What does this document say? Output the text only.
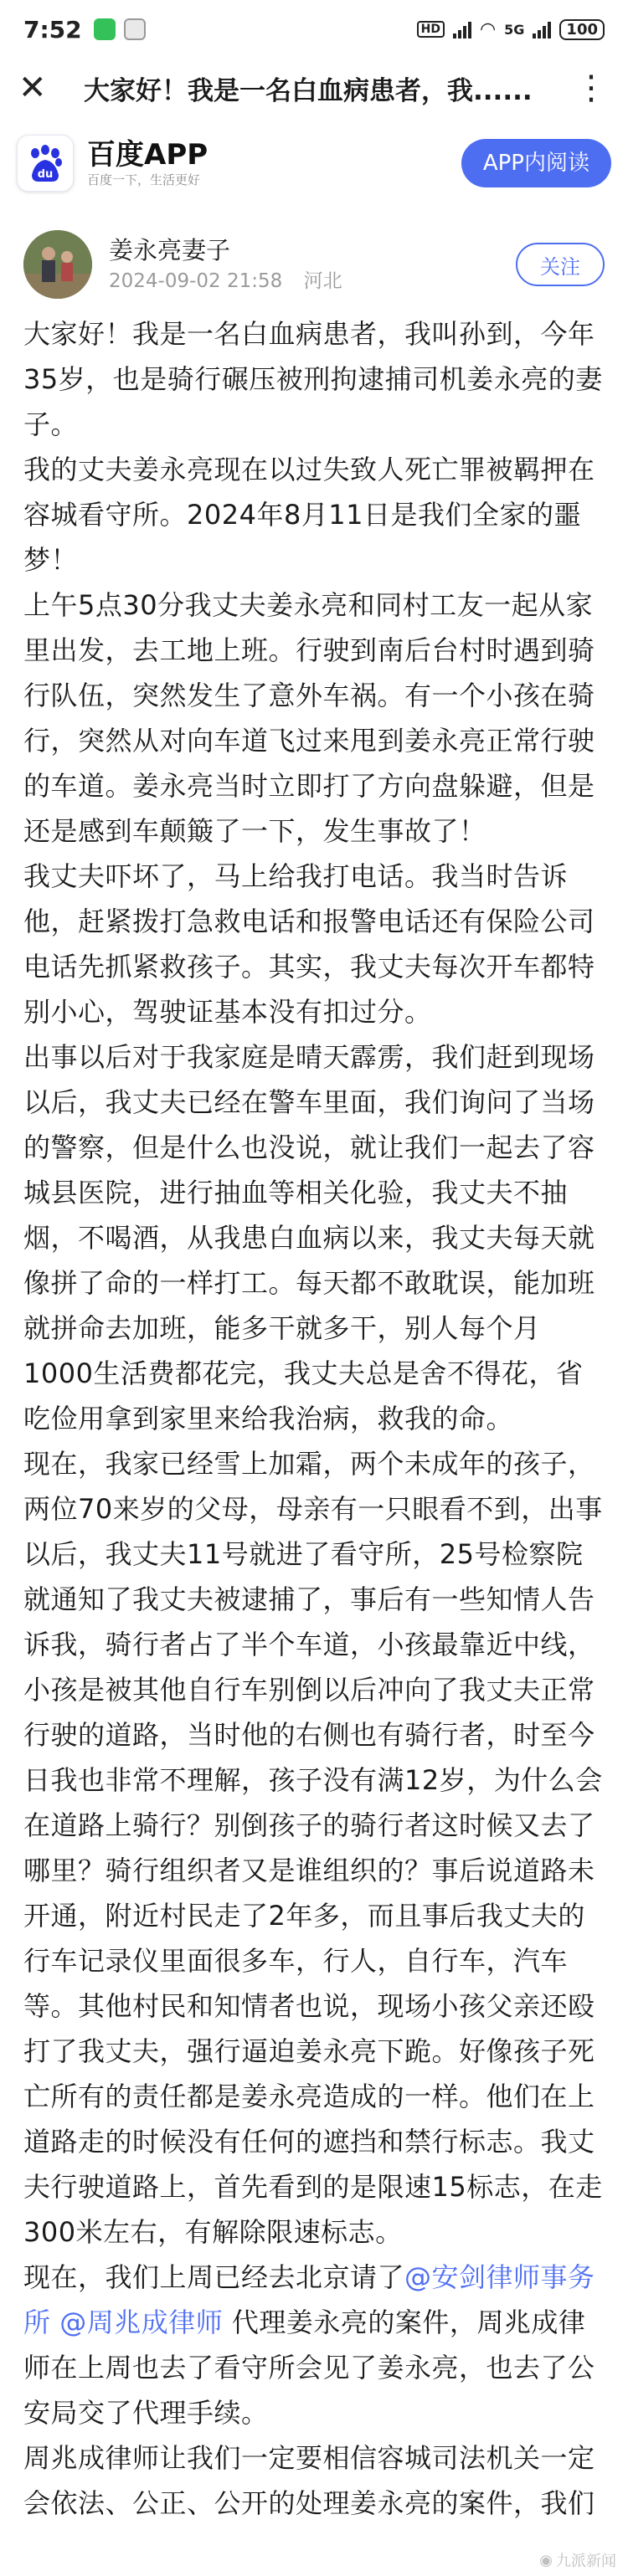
7:52	HD ◠ 5G	100
✕	大家好！我是一名白血病患者，我......	⋮
du
百度APP
百度一下，生活更好
APP内阅读
姜永亮妻子
2024-09-02 21:58 河北
关注

大家好！我是一名白血病患者，我叫孙到，今年35岁，也是骑行碾压被刑拘逮捕司机姜永亮的妻子。

我的丈夫姜永亮现在以过失致人死亡罪被羁押在容城看守所。2024年8月11日是我们全家的噩梦！

上午5点30分我丈夫姜永亮和同村工友一起从家里出发，去工地上班。行驶到南后台村时遇到骑行队伍，突然发生了意外车祸。有一个小孩在骑行，突然从对向车道飞过来甩到姜永亮正常行驶的车道。姜永亮当时立即打了方向盘躲避，但是还是感到车颠簸了一下，发生事故了！

我丈夫吓坏了，马上给我打电话。我当时告诉他，赶紧拨打急救电话和报警电话还有保险公司电话先抓紧救孩子。其实，我丈夫每次开车都特别小心，驾驶证基本没有扣过分。

出事以后对于我家庭是晴天霹雳，我们赶到现场以后，我丈夫已经在警车里面，我们询问了当场的警察，但是什么也没说，就让我们一起去了容城县医院，进行抽血等相关化验，我丈夫不抽烟，不喝酒，从我患白血病以来，我丈夫每天就像拼了命的一样打工。每天都不敢耽误，能加班就拼命去加班，能多干就多干，别人每个月1000生活费都花完，我丈夫总是舍不得花，省吃俭用拿到家里来给我治病，救我的命。

现在，我家已经雪上加霜，两个未成年的孩子，两位70来岁的父母，母亲有一只眼看不到，出事以后，我丈夫11号就进了看守所，25号检察院就通知了我丈夫被逮捕了，事后有一些知情人告诉我，骑行者占了半个车道，小孩最靠近中线，小孩是被其他自行车别倒以后冲向了我丈夫正常行驶的道路，当时他的右侧也有骑行者，时至今日我也非常不理解，孩子没有满12岁，为什么会在道路上骑行？别倒孩子的骑行者这时候又去了哪里？骑行组织者又是谁组织的？事后说道路未开通，附近村民走了2年多，而且事后我丈夫的行车记录仪里面很多车，行人，自行车，汽车等。其他村民和知情者也说，现场小孩父亲还殴打了我丈夫，强行逼迫姜永亮下跪。好像孩子死亡所有的责任都是姜永亮造成的一样。他们在上道路走的时候没有任何的遮挡和禁行标志。我丈夫行驶道路上，首先看到的是限速15标志，在走300米左右，有解除限速标志。

现在，我们上周已经去北京请了@安剑律师事务所 @周兆成律师 代理姜永亮的案件，周兆成律师在上周也去了看守所会见了姜永亮，也去了公安局交了代理手续。

周兆成律师让我们一定要相信容城司法机关一定会依法、公正、公开的处理姜永亮的案件，我们

◉ 九派新闻
